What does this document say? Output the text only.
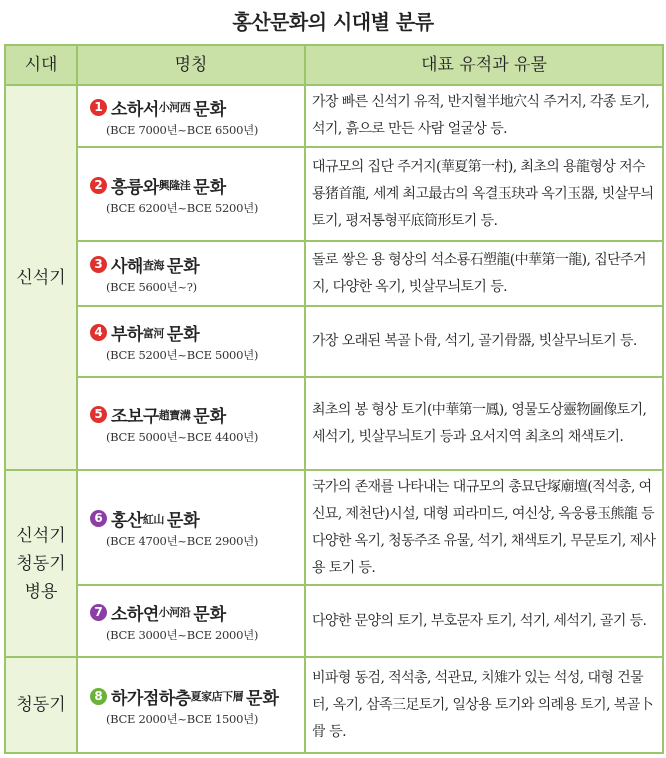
홍산문화의 시대별 분류
시대	명칭	대표 유적과 유물
신석기
신석기
청동기
병용
청동기
1 소하서 小河西 문화
(BCE 7000년~BCE 6500년)
가장 빠른 신석기 유적, 반지혈半地穴식 주거지, 각종 토기, 석기, 흙으로 만든 사람 얼굴상 등.
2 흥륭와 興隆洼 문화
(BCE 6200년~BCE 5200년)
대규모의 집단 주거지(華夏第一村), 최초의 용龍형상 저수룡猪首龍, 세계 최고最古의 옥결玉玦과 옥기玉器, 빗살무늬토기, 평저통형平底筒形토기 등.
3 사해 査海 문화
(BCE 5600년~?)
돌로 쌓은 용 형상의 석소룡石塑龍(中華第一龍), 집단주거지, 다양한 옥기, 빗살무늬토기 등.
4 부하 富河 문화
(BCE 5200년~BCE 5000년)
가장 오래된 복골卜骨, 석기, 골기骨器, 빗살무늬토기 등.
5 조보구 趙寶溝 문화
(BCE 5000년~BCE 4400년)
최초의 봉 형상 토기(中華第一鳳), 영물도상靈物圖像토기, 세석기, 빗살무늬토기 등과 요서지역 최초의 채색토기.
6 홍산 紅山 문화
(BCE 4700년~BCE 2900년)
국가의 존재를 나타내는 대규모의 총묘단塚廟壇(적석총, 여신묘, 제천단)시설, 대형 피라미드, 여신상, 옥웅룡玉熊龍 등 다양한 옥기, 청동주조 유물, 석기, 채색토기, 무문토기, 제사용 토기 등.
7 소하연 小河沿 문화
(BCE 3000년~BCE 2000년)
다양한 문양의 토기, 부호문자 토기, 석기, 세석기, 골기 등.
8 하가점하층 夏家店下層 문화
(BCE 2000년~BCE 1500년)
비파형 동검, 적석총, 석관묘, 치雉가 있는 석성, 대형 건물터, 옥기, 삼족三足토기, 일상용 토기와 의례용 토기, 복골卜骨 등.
